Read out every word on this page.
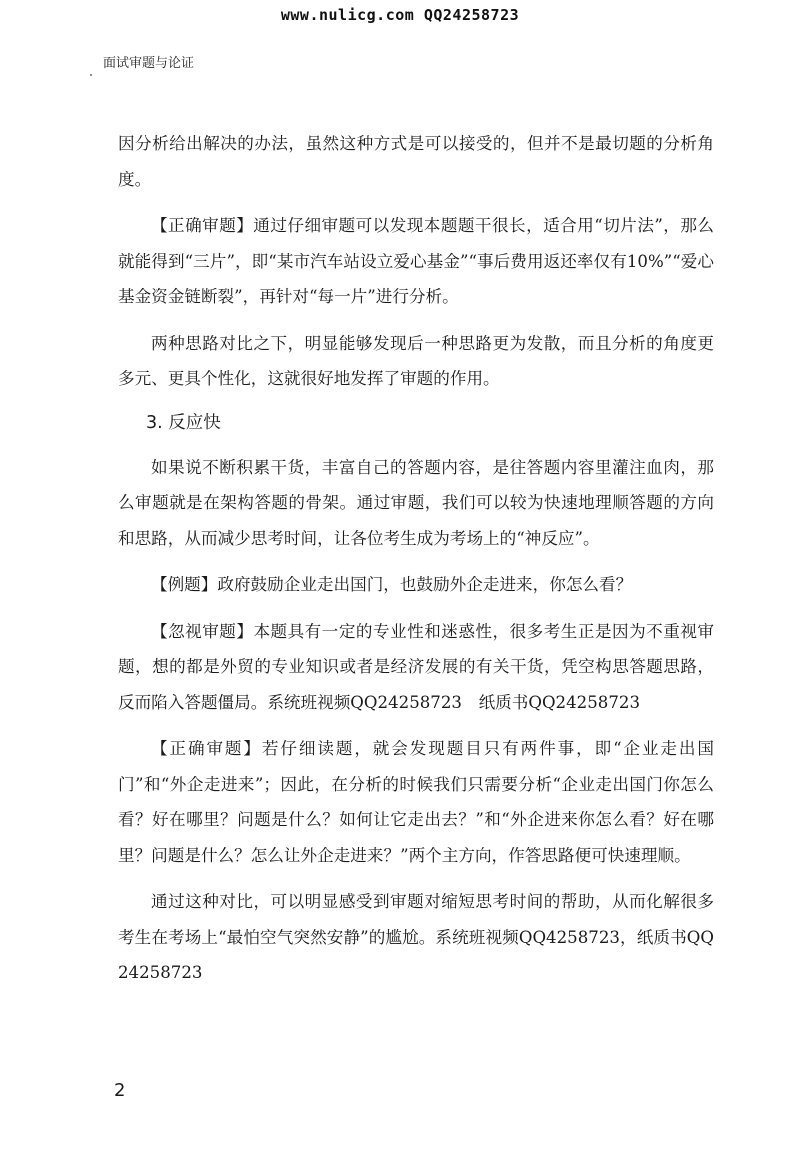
www.nulicg.com QQ24258723
面试审题与论证

因分析给出解决的办法，虽然这种方式是可以接受的，但并不是最切题的分析角度。

【正确审题】通过仔细审题可以发现本题题干很长，适合用“切片法”，那么就能得到“三片”，即“某市汽车站设立爱心基金”“事后费用返还率仅有10%”“爱心基金资金链断裂”，再针对“每一片”进行分析。

两种思路对比之下，明显能够发现后一种思路更为发散，而且分析的角度更多元、更具个性化，这就很好地发挥了审题的作用。

3. 反应快

如果说不断积累干货，丰富自己的答题内容，是往答题内容里灌注血肉，那么审题就是在架构答题的骨架。通过审题，我们可以较为快速地理顺答题的方向和思路，从而减少思考时间，让各位考生成为考场上的“神反应”。

【例题】政府鼓励企业走出国门，也鼓励外企走进来，你怎么看？

【忽视审题】本题具有一定的专业性和迷惑性，很多考生正是因为不重视审题，想的都是外贸的专业知识或者是经济发展的有关干货，凭空构思答题思路，反而陷入答题僵局。系统班视频QQ24258723　纸质书QQ24258723

【正确审题】若仔细读题，就会发现题目只有两件事，即“企业走出国门”和“外企走进来”；因此，在分析的时候我们只需要分析“企业走出国门你怎么看？好在哪里？问题是什么？如何让它走出去？”和“外企进来你怎么看？好在哪里？问题是什么？怎么让外企走进来？”两个主方向，作答思路便可快速理顺。

通过这种对比，可以明显感受到审题对缩短思考时间的帮助，从而化解很多考生在考场上“最怕空气突然安静”的尴尬。系统班视频QQ4258723，纸质书QQ24258723

2
